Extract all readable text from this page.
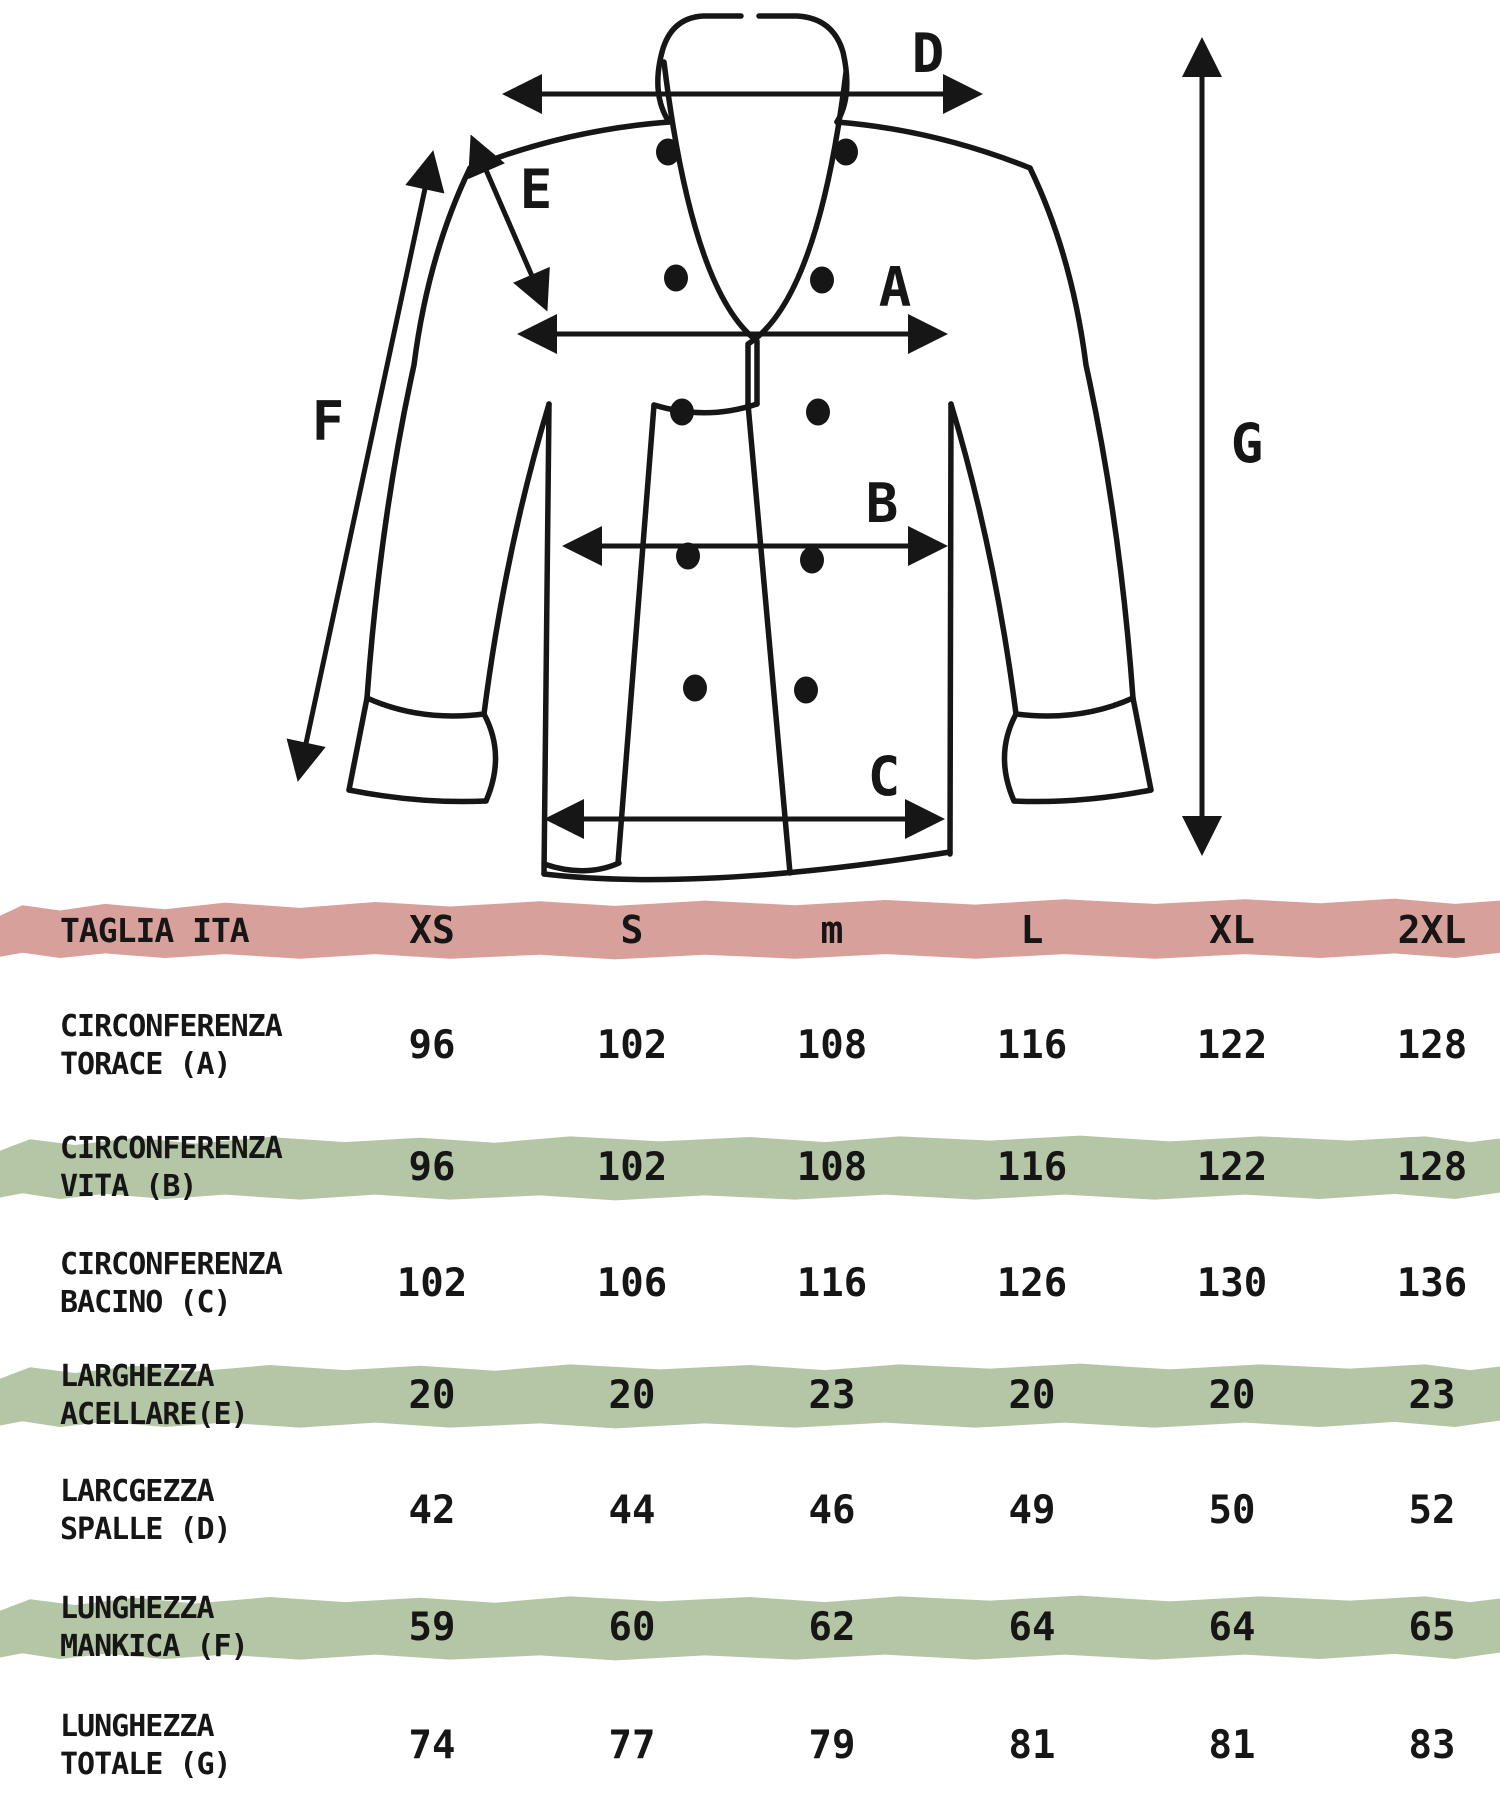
D
E
F
A
B
C
G
TAGLIA ITA	XS	S	m	L	XL	2XL
CIRCONFERENZA
TORACE (A)	96	102	108	116	122	128
CIRCONFERENZA
VITA (B)	96	102	108	116	122	128
CIRCONFERENZA
BACINO (C)	102	106	116	126	130	136
LARGHEZZA
ACELLARE(E)	20	20	23	20	20	23
LARCGEZZA
SPALLE (D)	42	44	46	49	50	52
LUNGHEZZA
MANKICA (F)	59	60	62	64	64	65
LUNGHEZZA
TOTALE (G)	74	77	79	81	81	83
